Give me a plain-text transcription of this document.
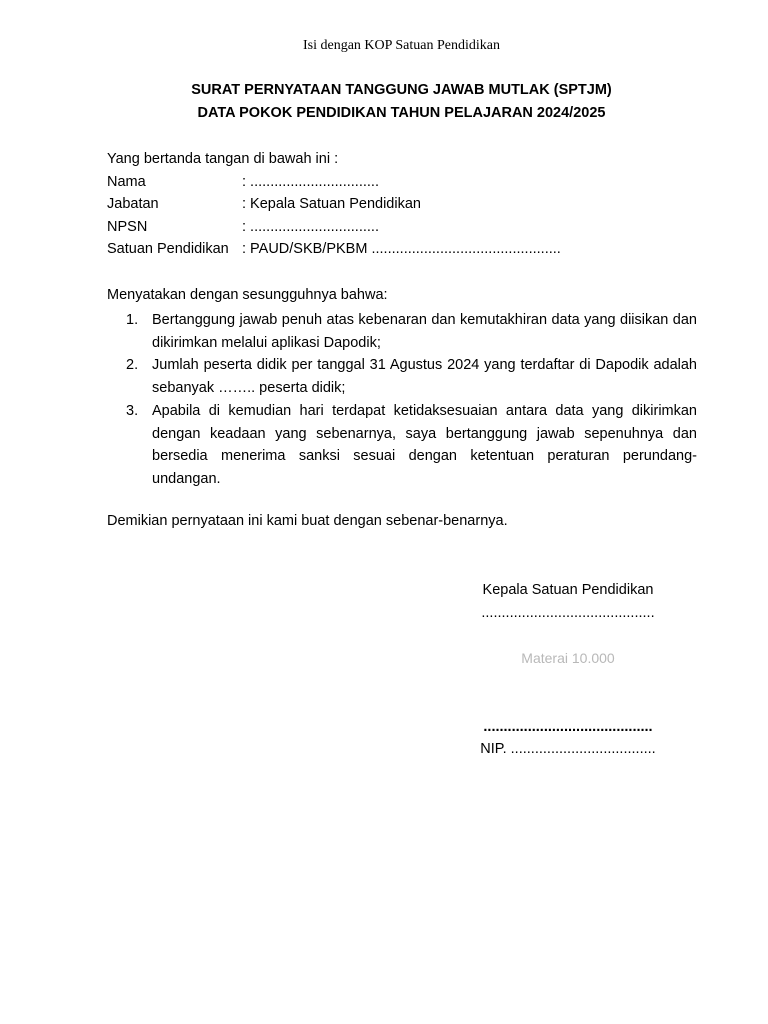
Isi dengan KOP Satuan Pendidikan
SURAT PERNYATAAN TANGGUNG JAWAB MUTLAK (SPTJM)
DATA POKOK PENDIDIKAN TAHUN PELAJARAN 2024/2025
Yang bertanda tangan di bawah ini :
Nama	: ................................
Jabatan	: Kepala Satuan Pendidikan
NPSN	: ................................
Satuan Pendidikan : PAUD/SKB/PKBM ...............................................
Menyatakan dengan sesungguhnya bahwa:
1. Bertanggung jawab penuh atas kebenaran dan kemutakhiran data yang diisikan dan dikirimkan melalui aplikasi Dapodik;
2. Jumlah peserta didik per tanggal 31 Agustus 2024 yang terdaftar di Dapodik adalah sebanyak …….. peserta didik;
3. Apabila di kemudian hari terdapat ketidaksesuaian antara data yang dikirimkan dengan keadaan yang sebenarnya, saya bertanggung jawab sepenuhnya dan bersedia menerima sanksi sesuai dengan ketentuan peraturan perundang-undangan.
Demikian pernyataan ini kami buat dengan sebenar-benarnya.
Kepala Satuan Pendidikan
...........................................
Materai 10.000
..........................................
NIP. ....................................
